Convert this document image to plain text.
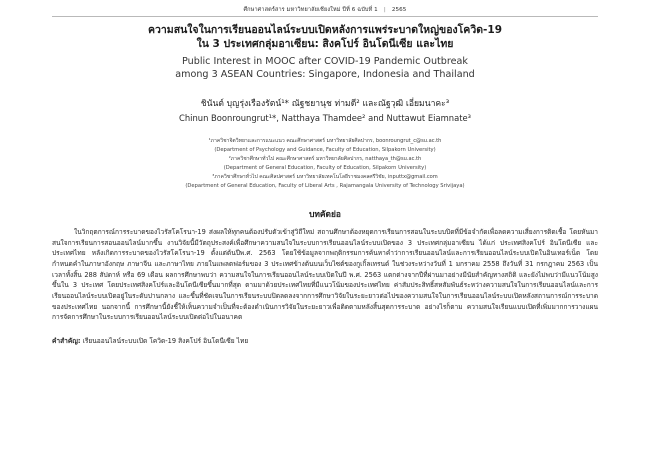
ศึกษาศาสตร์สาร มหาวิทยาลัยเชียงใหม่ ปีที่ 6 ฉบับที่ 1 | 2565
ความสนใจในการเรียนออนไลน์ระบบเปิดหลังการแพร่ระบาดใหญ่ของโควิด-19
ใน 3 ประเทศกลุ่มอาเซียน: สิงคโปร์ อินโดนีเซีย และไทย
Public Interest in MOOC after COVID-19 Pandemic Outbreak
among 3 ASEAN Countries: Singapore, Indonesia and Thailand
ชินันต์ บุญรุ่งเรืองรัตน์¹* ณัฐชยานุช ท่ามดี² และณัฐวุฒิ เอี่ยมนาคะ³
Chinun Boonroungrut¹*, Natthaya Thamdee² and Nuttawut Eiamnate³
¹ภาควิชาจิตวิทยาและการแนะแนว คณะศึกษาศาสตร์ มหาวิทยาลัยศิลปากร, boonroungrut_c@su.ac.th
(Department of Psychology and Guidance, Faculty of Education, Silpakorn University)
²ภาควิชาศึกษาทั่วไป คณะศึกษาศาสตร์ มหาวิทยาลัยศิลปากร, natthaya_th@su.ac.th
(Department of General Education, Faculty of Education, Silpakorn University)
³ภาควิชาศึกษาทั่วไป คณะศิลปศาสตร์ มหาวิทยาลัยเทคโนโลยีราชมงคลศรีวิชัย, inputtx@gmail.com
(Department of General Education, Faculty of Liberal Arts , Rajamangala University of Technology Srivijaya)
บทคัดย่อ

ในวิกฤตการณ์การระบาดของไวรัสโคโรนา-19 ส่งผลให้ทุกคนต้องปรับตัวเข้าสู่วิถีใหม่ สถานศึกษาต้องหยุดการเรียนการสอนในระบบปิดที่มีข้อจำกัดเพื่อลดความเสี่ยงการติดเชื้อ โดยหันมาสนใจการเรียนการสอนออนไลน์มากขึ้น งานวิจัยนี้มีวัตถุประสงค์เพื่อศึกษาความสนใจในระบบการเรียนออนไลน์ระบบเปิดของ 3 ประเทศกลุ่มอาเซียน ได้แก่ ประเทศสิงคโปร์ อินโดนีเซีย และประเทศไทย หลังเกิดการระบาดของไวรัสโคโรนา-19 ตั้งแต่ต้นปีพ.ศ. 2563 โดยใช้ข้อมูลจากพฤติกรรมการค้นหาคำว่าการเรียนออนไลน์และการเรียนออนไลน์ระบบเปิดในอินเทอร์เน็ต โดยกำหนดคำในภาษาอังกฤษ ภาษาจีน และภาษาไทย ภายในแพลตฟอร์มของ 3 ประเทศข้างต้นบนเว็บไซต์ของกูเกิ้ลเทรนด์ ในช่วงระหว่างวันที่ 1 มกราคม 2558 ถึงวันที่ 31 กรกฎาคม 2563 เป็นเวลาทั้งสิ้น 288 สัปดาห์ หรือ 69 เดือน ผลการศึกษาพบว่า ความสนใจในการเรียนออนไลน์ระบบเปิดในปี พ.ศ. 2563 แตกต่างจากปีที่ผ่านมาอย่างมีนัยสำคัญทางสถิติ และยังไม่พบว่ามีแนวโน้มสูงขึ้นใน 3 ประเทศ โดยประเทศสิงคโปร์และอินโดนีเซียขึ้นมากที่สุด ตามมาด้วยประเทศไทยที่มีแนวโน้มของประเทศไทย ค่าสัมประสิทธิ์สหสัมพันธ์ระหว่างความสนใจในการเรียนออนไลน์และการเรียนออนไลน์ระบบเปิดอยู่ในระดับปานกลาง และขึ้นที่ชัดเจนในการเรียนระบบปิดลดลงจากการศึกษาวิจัยในระยะยาวต่อไปของความสนใจในการเรียนออนไลน์ระบบเปิดหลังสถานการณ์การระบาดของประเทศไทย นอกจากนี้ การศึกษานี้ยังชี้ให้เห็นความจำเป็นที่จะต้องดำเนินการวิจัยในระยะยาวเพื่อติดตามหลังสิ้นสุดการระบาด อย่างไรก็ตาม ความสนใจเรียนแบบเปิดที่เพิ่มมากการวางแผนการจัดการศึกษาในระบบการเรียนออนไลน์ระบบเปิดต่อไปในอนาคต

คำสำคัญ: เรียนออนไลน์ระบบเปิด โควิด-19 สิงคโปร์ อินโดนีเซีย ไทย
